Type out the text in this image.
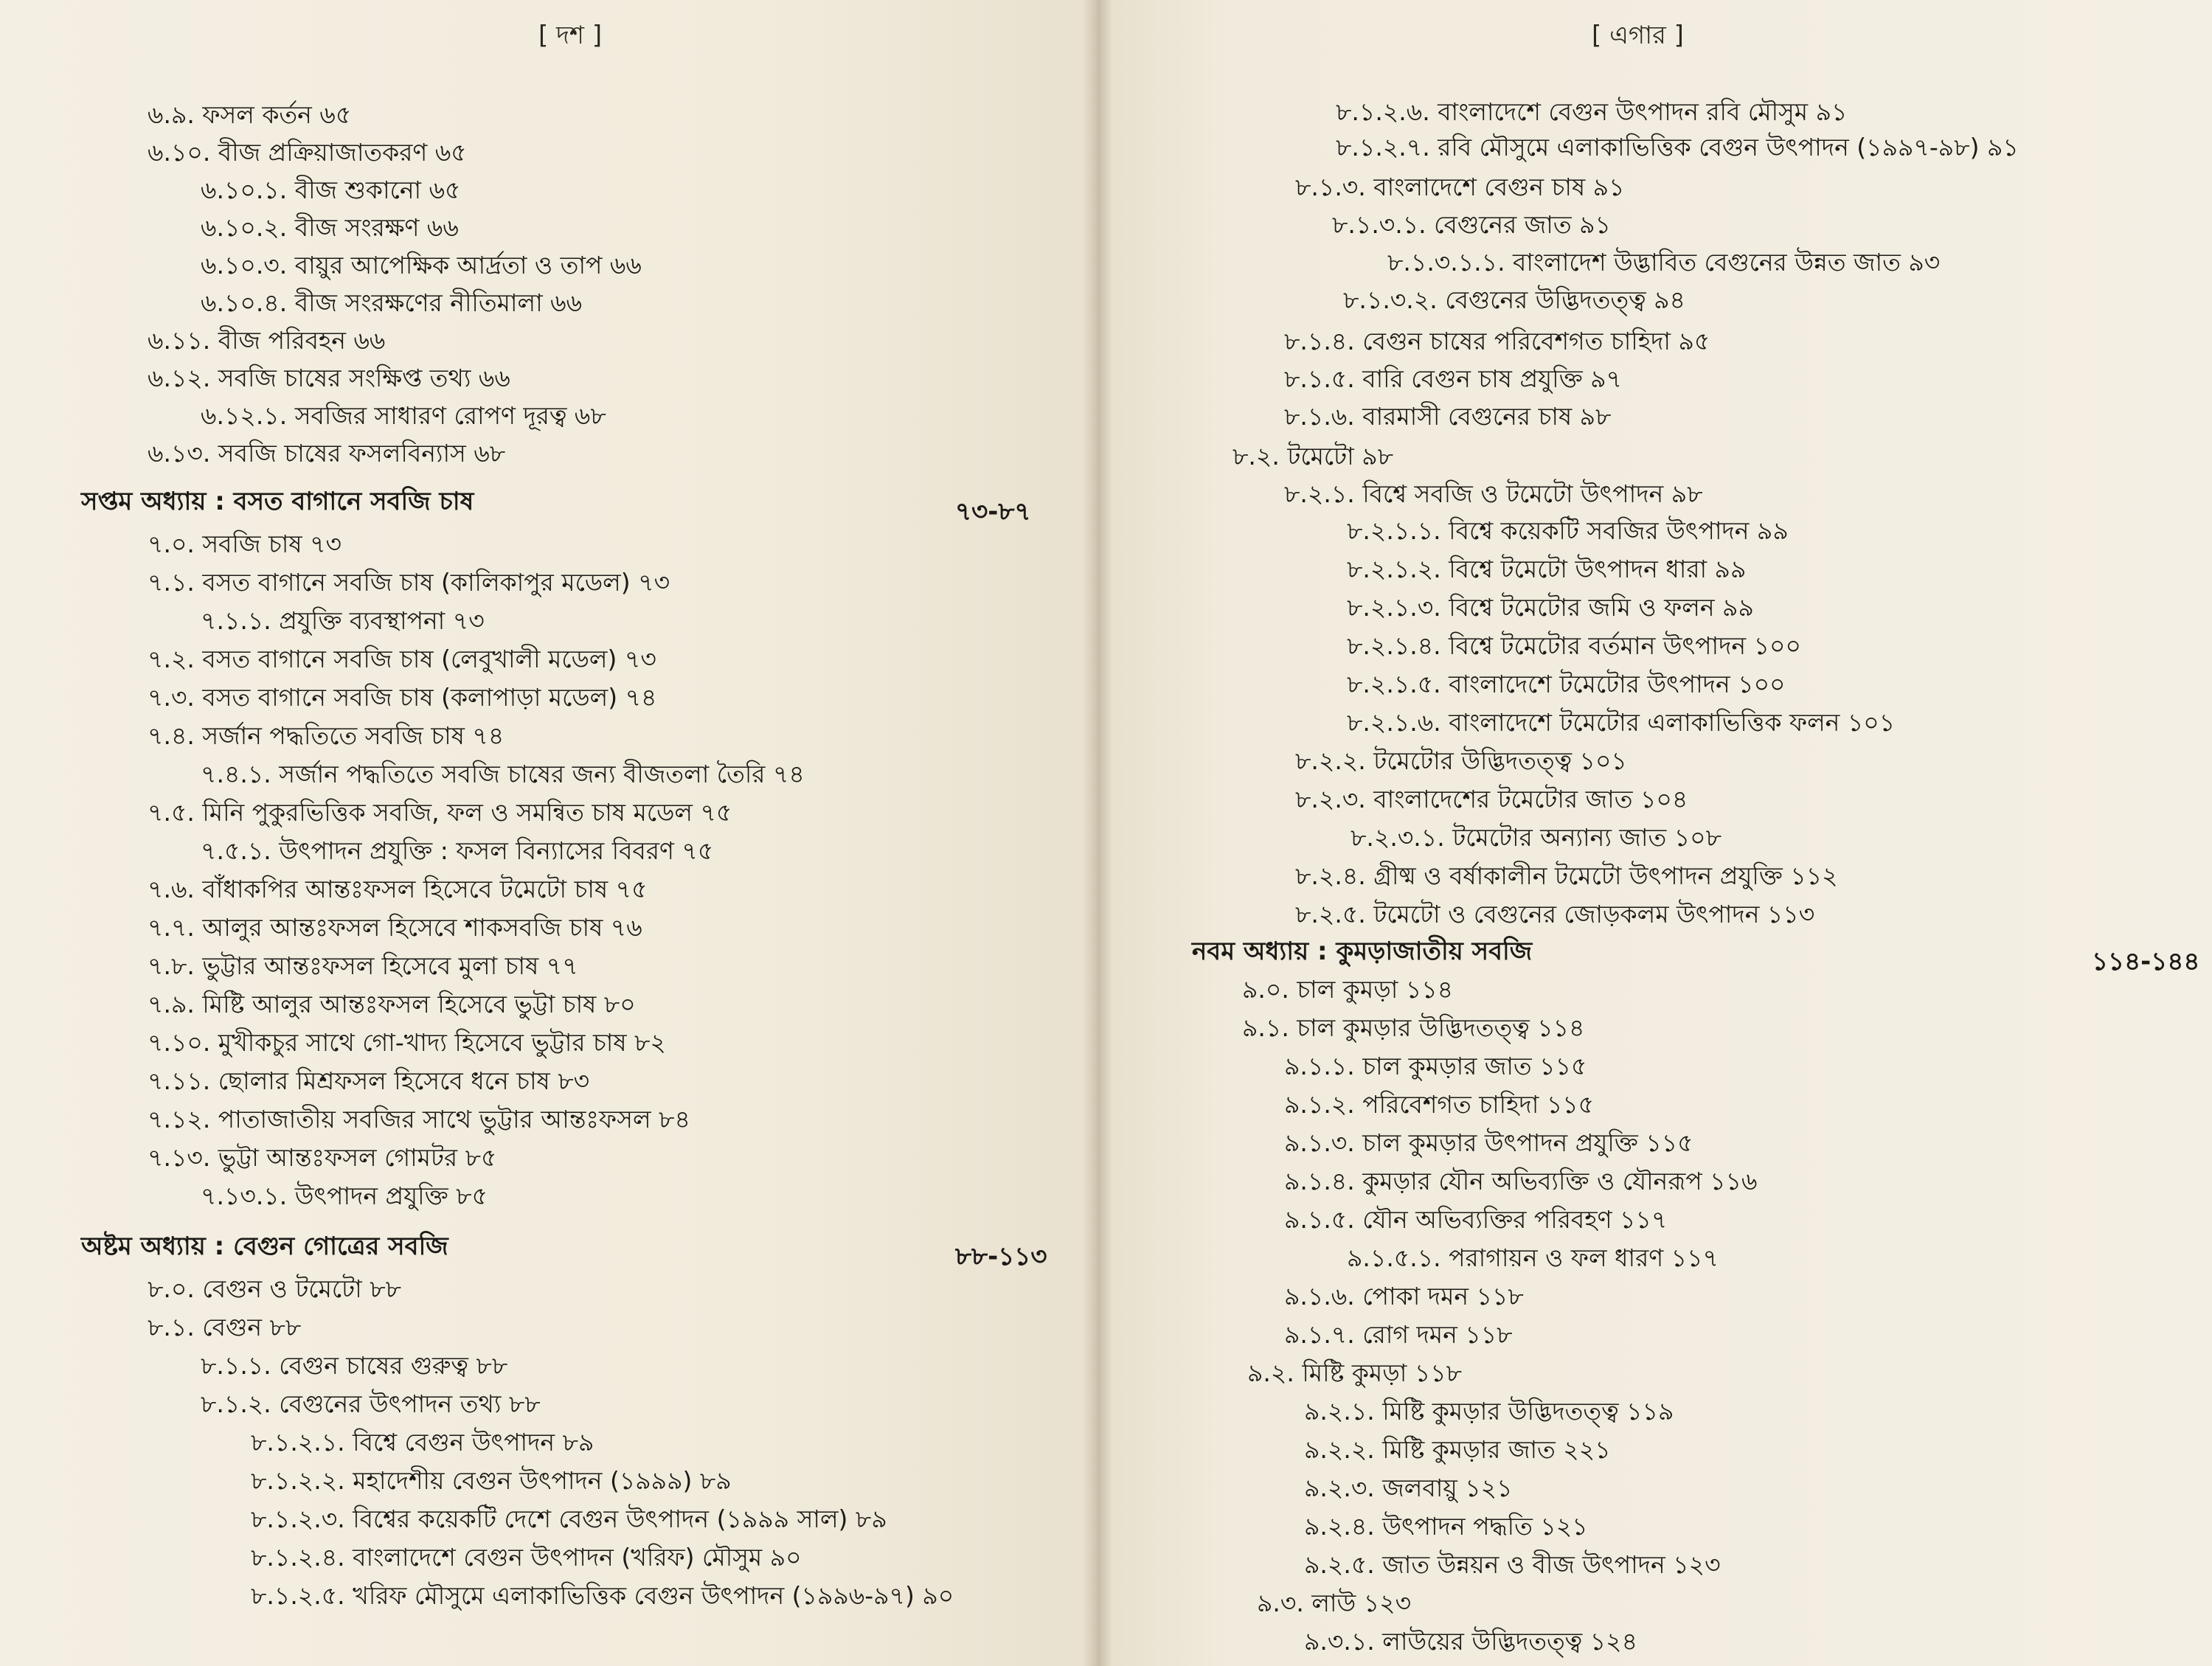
[ দশ ]
৬.৯. ফসল কর্তন ৬৫
৬.১০. বীজ প্রক্রিয়াজাতকরণ ৬৫
৬.১০.১. বীজ শুকানো ৬৫
৬.১০.২. বীজ সংরক্ষণ ৬৬
৬.১০.৩. বায়ুর আপেক্ষিক আর্দ্রতা ও তাপ ৬৬
৬.১০.৪. বীজ সংরক্ষণের নীতিমালা ৬৬
৬.১১. বীজ পরিবহন ৬৬
৬.১২. সবজি চাষের সংক্ষিপ্ত তথ্য ৬৬
৬.১২.১. সবজির সাধারণ রোপণ দূরত্ব ৬৮
৬.১৩. সবজি চাষের ফসলবিন্যাস ৬৮
সপ্তম অধ্যায় : বসত বাগানে সবজি চাষ	৭৩-৮৭
৭.০. সবজি চাষ ৭৩
৭.১. বসত বাগানে সবজি চাষ (কালিকাপুর মডেল) ৭৩
৭.১.১. প্রযুক্তি ব্যবস্থাপনা ৭৩
৭.২. বসত বাগানে সবজি চাষ (লেবুখালী মডেল) ৭৩
৭.৩. বসত বাগানে সবজি চাষ (কলাপাড়া মডেল) ৭৪
৭.৪. সর্জান পদ্ধতিতে সবজি চাষ ৭৪
৭.৪.১. সর্জান পদ্ধতিতে সবজি চাষের জন্য বীজতলা তৈরি ৭৪
৭.৫. মিনি পুকুরভিত্তিক সবজি, ফল ও সমন্বিত চাষ মডেল ৭৫
৭.৫.১. উৎপাদন প্রযুক্তি : ফসল বিন্যাসের বিবরণ ৭৫
৭.৬. বাঁধাকপির আন্তঃফসল হিসেবে টমেটো চাষ ৭৫
৭.৭. আলুর আন্তঃফসল হিসেবে শাকসবজি চাষ ৭৬
৭.৮. ভুট্টার আন্তঃফসল হিসেবে মুলা চাষ ৭৭
৭.৯. মিষ্টি আলুর আন্তঃফসল হিসেবে ভুট্টা চাষ ৮০
৭.১০. মুখীকচুর সাথে গো-খাদ্য হিসেবে ভুট্টার চাষ ৮২
৭.১১. ছোলার মিশ্রফসল হিসেবে ধনে চাষ ৮৩
৭.১২. পাতাজাতীয় সবজির সাথে ভুট্টার আন্তঃফসল ৮৪
৭.১৩. ভুট্টা আন্তঃফসল গোমটর ৮৫
৭.১৩.১. উৎপাদন প্রযুক্তি ৮৫
অষ্টম অধ্যায় : বেগুন গোত্রের সবজি	৮৮-১১৩
৮.০. বেগুন ও টমেটো ৮৮
৮.১. বেগুন ৮৮
৮.১.১. বেগুন চাষের গুরুত্ব ৮৮
৮.১.২. বেগুনের উৎপাদন তথ্য ৮৮
৮.১.২.১. বিশ্বে বেগুন উৎপাদন ৮৯
৮.১.২.২. মহাদেশীয় বেগুন উৎপাদন (১৯৯৯) ৮৯
৮.১.২.৩. বিশ্বের কয়েকটি দেশে বেগুন উৎপাদন (১৯৯৯ সাল) ৮৯
৮.১.২.৪. বাংলাদেশে বেগুন উৎপাদন (খরিফ) মৌসুম ৯০
৮.১.২.৫. খরিফ মৌসুমে এলাকাভিত্তিক বেগুন উৎপাদন (১৯৯৬-৯৭) ৯০
[ এগার ]
৮.১.২.৬. বাংলাদেশে বেগুন উৎপাদন রবি মৌসুম ৯১
৮.১.২.৭. রবি মৌসুমে এলাকাভিত্তিক বেগুন উৎপাদন (১৯৯৭-৯৮) ৯১
৮.১.৩. বাংলাদেশে বেগুন চাষ ৯১
৮.১.৩.১. বেগুনের জাত ৯১
৮.১.৩.১.১. বাংলাদেশ উদ্ভাবিত বেগুনের উন্নত জাত ৯৩
৮.১.৩.২. বেগুনের উদ্ভিদতত্ত্ব ৯৪
৮.১.৪. বেগুন চাষের পরিবেশগত চাহিদা ৯৫
৮.১.৫. বারি বেগুন চাষ প্রযুক্তি ৯৭
৮.১.৬. বারমাসী বেগুনের চাষ ৯৮
৮.২. টমেটো ৯৮
৮.২.১. বিশ্বে সবজি ও টমেটো উৎপাদন ৯৮
৮.২.১.১. বিশ্বে কয়েকটি সবজির উৎপাদন ৯৯
৮.২.১.২. বিশ্বে টমেটো উৎপাদন ধারা ৯৯
৮.২.১.৩. বিশ্বে টমেটোর জমি ও ফলন ৯৯
৮.২.১.৪. বিশ্বে টমেটোর বর্তমান উৎপাদন ১০০
৮.২.১.৫. বাংলাদেশে টমেটোর উৎপাদন ১০০
৮.২.১.৬. বাংলাদেশে টমেটোর এলাকাভিত্তিক ফলন ১০১
৮.২.২. টমেটোর উদ্ভিদতত্ত্ব ১০১
৮.২.৩. বাংলাদেশের টমেটোর জাত ১০৪
৮.২.৩.১. টমেটোর অন্যান্য জাত ১০৮
৮.২.৪. গ্রীষ্ম ও বর্ষাকালীন টমেটো উৎপাদন প্রযুক্তি ১১২
৮.২.৫. টমেটো ও বেগুনের জোড়কলম উৎপাদন ১১৩
নবম অধ্যায় : কুমড়াজাতীয় সবজি	১১৪-১৪৪
৯.০. চাল কুমড়া ১১৪
৯.১. চাল কুমড়ার উদ্ভিদতত্ত্ব ১১৪
৯.১.১. চাল কুমড়ার জাত ১১৫
৯.১.২. পরিবেশগত চাহিদা ১১৫
৯.১.৩. চাল কুমড়ার উৎপাদন প্রযুক্তি ১১৫
৯.১.৪. কুমড়ার যৌন অভিব্যক্তি ও যৌনরূপ ১১৬
৯.১.৫. যৌন অভিব্যক্তির পরিবহণ ১১৭
৯.১.৫.১. পরাগায়ন ও ফল ধারণ ১১৭
৯.১.৬. পোকা দমন ১১৮
৯.১.৭. রোগ দমন ১১৮
৯.২. মিষ্টি কুমড়া ১১৮
৯.২.১. মিষ্টি কুমড়ার উদ্ভিদতত্ত্ব ১১৯
৯.২.২. মিষ্টি কুমড়ার জাত ২২১
৯.২.৩. জলবায়ু ১২১
৯.২.৪. উৎপাদন পদ্ধতি ১২১
৯.২.৫. জাত উন্নয়ন ও বীজ উৎপাদন ১২৩
৯.৩. লাউ ১২৩
৯.৩.১. লাউয়ের উদ্ভিদতত্ত্ব ১২৪
